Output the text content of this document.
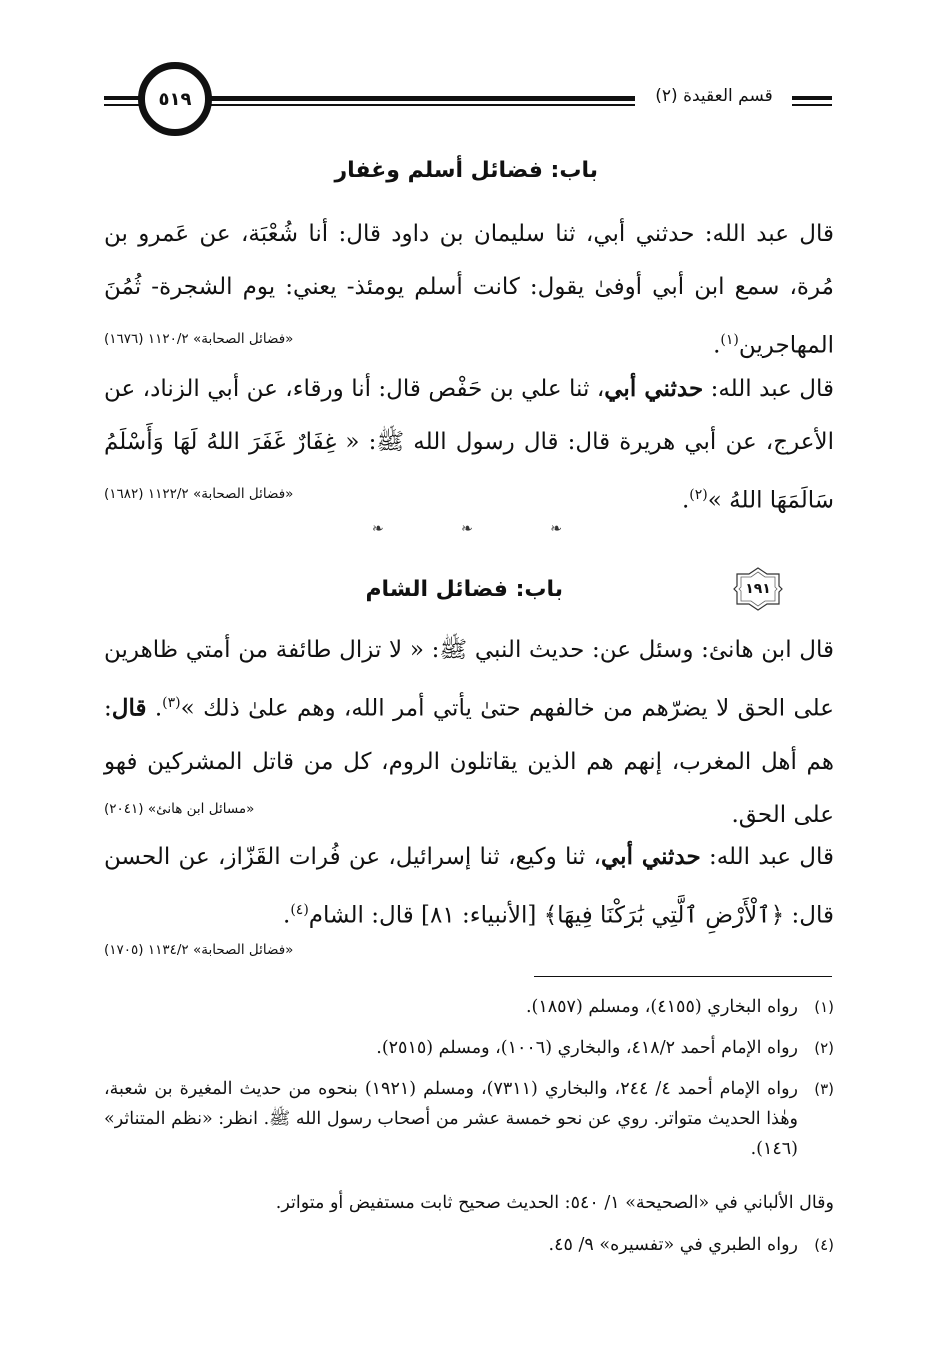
٥١٩	قسم العقيدة (٢)
باب: فضائل أسلم وغفار
قال عبد الله: حدثني أبي، ثنا سليمان بن داود قال: أنا شُعْبَة، عن عَمرو بن مُرة، سمع ابن أبي أوفىٰ يقول: كانت أسلم يومئذ- يعني: يوم الشجرة- ثُمُنَ المهاجرين$^{(١)}$.
«فضائل الصحابة» ١١٢٠/٢ (١٦٧٦)
قال عبد الله: حدثني أبي، ثنا علي بن حَفْص قال: أنا ورقاء، عن أبي الزناد، عن الأعرج، عن أبي هريرة قال: قال رسول الله ﷺ: « غِفَارٌ غَفَرَ اللهُ لَهَا وَأَسْلَمُ سَالَمَهَا اللهُ »$^{(٢)}$.
«فضائل الصحابة» ١١٢٢/٢ (١٦٨٢)
❧	❧	❧
١٩١
باب: فضائل الشام
قال ابن هانئ: وسئل عن: حديث النبي ﷺ: « لا تزال طائفة من أمتي ظاهرين على الحق لا يضرّهم من خالفهم حتىٰ يأتي أمر الله، وهم علىٰ ذلك »$^{(٣)}$. قال: هم أهل المغرب، إنهم هم الذين يقاتلون الروم، كل من قاتل المشركين فهو على الحق.
«مسائل ابن هانئ» (٢٠٤١)
قال عبد الله: حدثني أبي، ثنا وكيع، ثنا إسرائيل، عن فُرات القَزّاز، عن الحسن قال: ﴿ٱلْأَرْضِ ٱلَّتِي بَٰرَكْنَا فِيهَا﴾ [الأنبياء: ٨١] قال: الشام$^{(٤)}$.
«فضائل الصحابة» ١١٣٤/٢ (١٧٠٥)
(١)رواه البخاري (٤١٥٥)، ومسلم (١٨٥٧).
(٢)رواه الإمام أحمد ٤١٨/٢، والبخاري (١٠٠٦)، ومسلم (٢٥١٥).
(٣)
رواه الإمام أحمد ٤/ ٢٤٤، والبخاري (٧٣١١)، ومسلم (١٩٢١) بنحوه من حديث المغيرة بن شعبة، وهٰذا الحديث متواتر. روي عن نحو خمسة عشر من أصحاب رسول الله ﷺ. انظر: «نظم المتناثر» (١٤٦).
وقال الألباني في «الصحيحة» ١/ ٥٤٠: الحديث صحيح ثابت مستفيض أو متواتر.
(٤)رواه الطبري في «تفسيره» ٩/ ٤٥.
